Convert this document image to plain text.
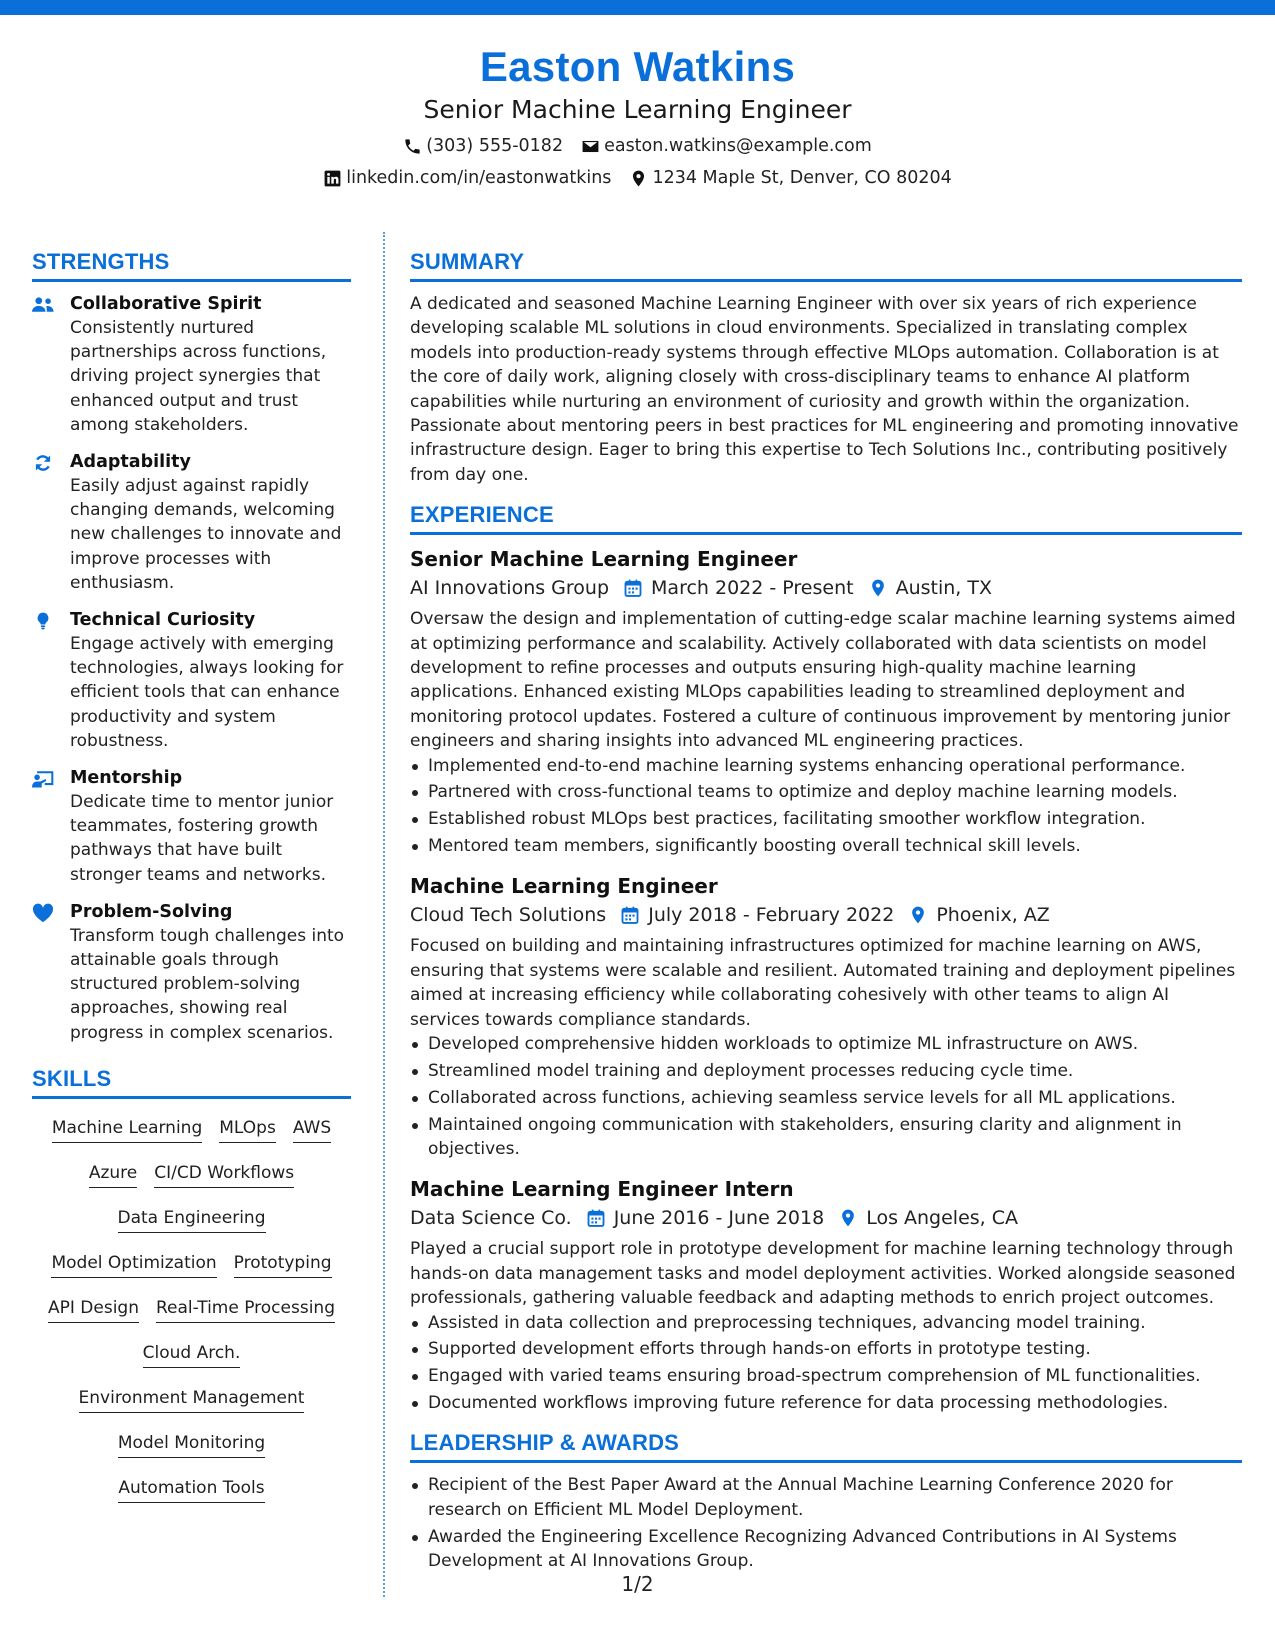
Easton Watkins
Senior Machine Learning Engineer
(303) 555-0182 easton.watkins@example.com
linkedin.com/in/eastonwatkins 1234 Maple St, Denver, CO 80204
STRENGTHS
Collaborative Spirit
Consistently nurtured partnerships across functions, driving project synergies that enhanced output and trust among stakeholders.
Adaptability
Easily adjust against rapidly changing demands, welcoming new challenges to innovate and improve processes with enthusiasm.
Technical Curiosity
Engage actively with emerging technologies, always looking for efficient tools that can enhance productivity and system robustness.
Mentorship
Dedicate time to mentor junior teammates, fostering growth pathways that have built stronger teams and networks.
Problem-Solving
Transform tough challenges into attainable goals through structured problem-solving approaches, showing real progress in complex scenarios.
SKILLS
Machine Learning MLOps AWS
Azure CI/CD Workflows
Data Engineering
Model Optimization Prototyping
API Design Real-Time Processing
Cloud Arch.
Environment Management
Model Monitoring
Automation Tools
SUMMARY
A dedicated and seasoned Machine Learning Engineer with over six years of rich experience developing scalable ML solutions in cloud environments. Specialized in translating complex models into production-ready systems through effective MLOps automation. Collaboration is at the core of daily work, aligning closely with cross-disciplinary teams to enhance AI platform capabilities while nurturing an environment of curiosity and growth within the organization. Passionate about mentoring peers in best practices for ML engineering and promoting innovative infrastructure design. Eager to bring this expertise to Tech Solutions Inc., contributing positively from day one.
EXPERIENCE
Senior Machine Learning Engineer
AI Innovations Group March 2022 - Present Austin, TX
Oversaw the design and implementation of cutting-edge scalar machine learning systems aimed at optimizing performance and scalability. Actively collaborated with data scientists on model development to refine processes and outputs ensuring high-quality machine learning applications. Enhanced existing MLOps capabilities leading to streamlined deployment and monitoring protocol updates. Fostered a culture of continuous improvement by mentoring junior engineers and sharing insights into advanced ML engineering practices.
Implemented end-to-end machine learning systems enhancing operational performance.
Partnered with cross-functional teams to optimize and deploy machine learning models.
Established robust MLOps best practices, facilitating smoother workflow integration.
Mentored team members, significantly boosting overall technical skill levels.
Machine Learning Engineer
Cloud Tech Solutions July 2018 - February 2022 Phoenix, AZ
Focused on building and maintaining infrastructures optimized for machine learning on AWS, ensuring that systems were scalable and resilient. Automated training and deployment pipelines aimed at increasing efficiency while collaborating cohesively with other teams to align AI services towards compliance standards.
Developed comprehensive hidden workloads to optimize ML infrastructure on AWS.
Streamlined model training and deployment processes reducing cycle time.
Collaborated across functions, achieving seamless service levels for all ML applications.
Maintained ongoing communication with stakeholders, ensuring clarity and alignment in objectives.
Machine Learning Engineer Intern
Data Science Co. June 2016 - June 2018 Los Angeles, CA
Played a crucial support role in prototype development for machine learning technology through hands-on data management tasks and model deployment activities. Worked alongside seasoned professionals, gathering valuable feedback and adapting methods to enrich project outcomes.
Assisted in data collection and preprocessing techniques, advancing model training.
Supported development efforts through hands-on efforts in prototype testing.
Engaged with varied teams ensuring broad-spectrum comprehension of ML functionalities.
Documented workflows improving future reference for data processing methodologies.
LEADERSHIP & AWARDS
Recipient of the Best Paper Award at the Annual Machine Learning Conference 2020 for research on Efficient ML Model Deployment.
Awarded the Engineering Excellence Recognizing Advanced Contributions in AI Systems Development at AI Innovations Group.
1/2
